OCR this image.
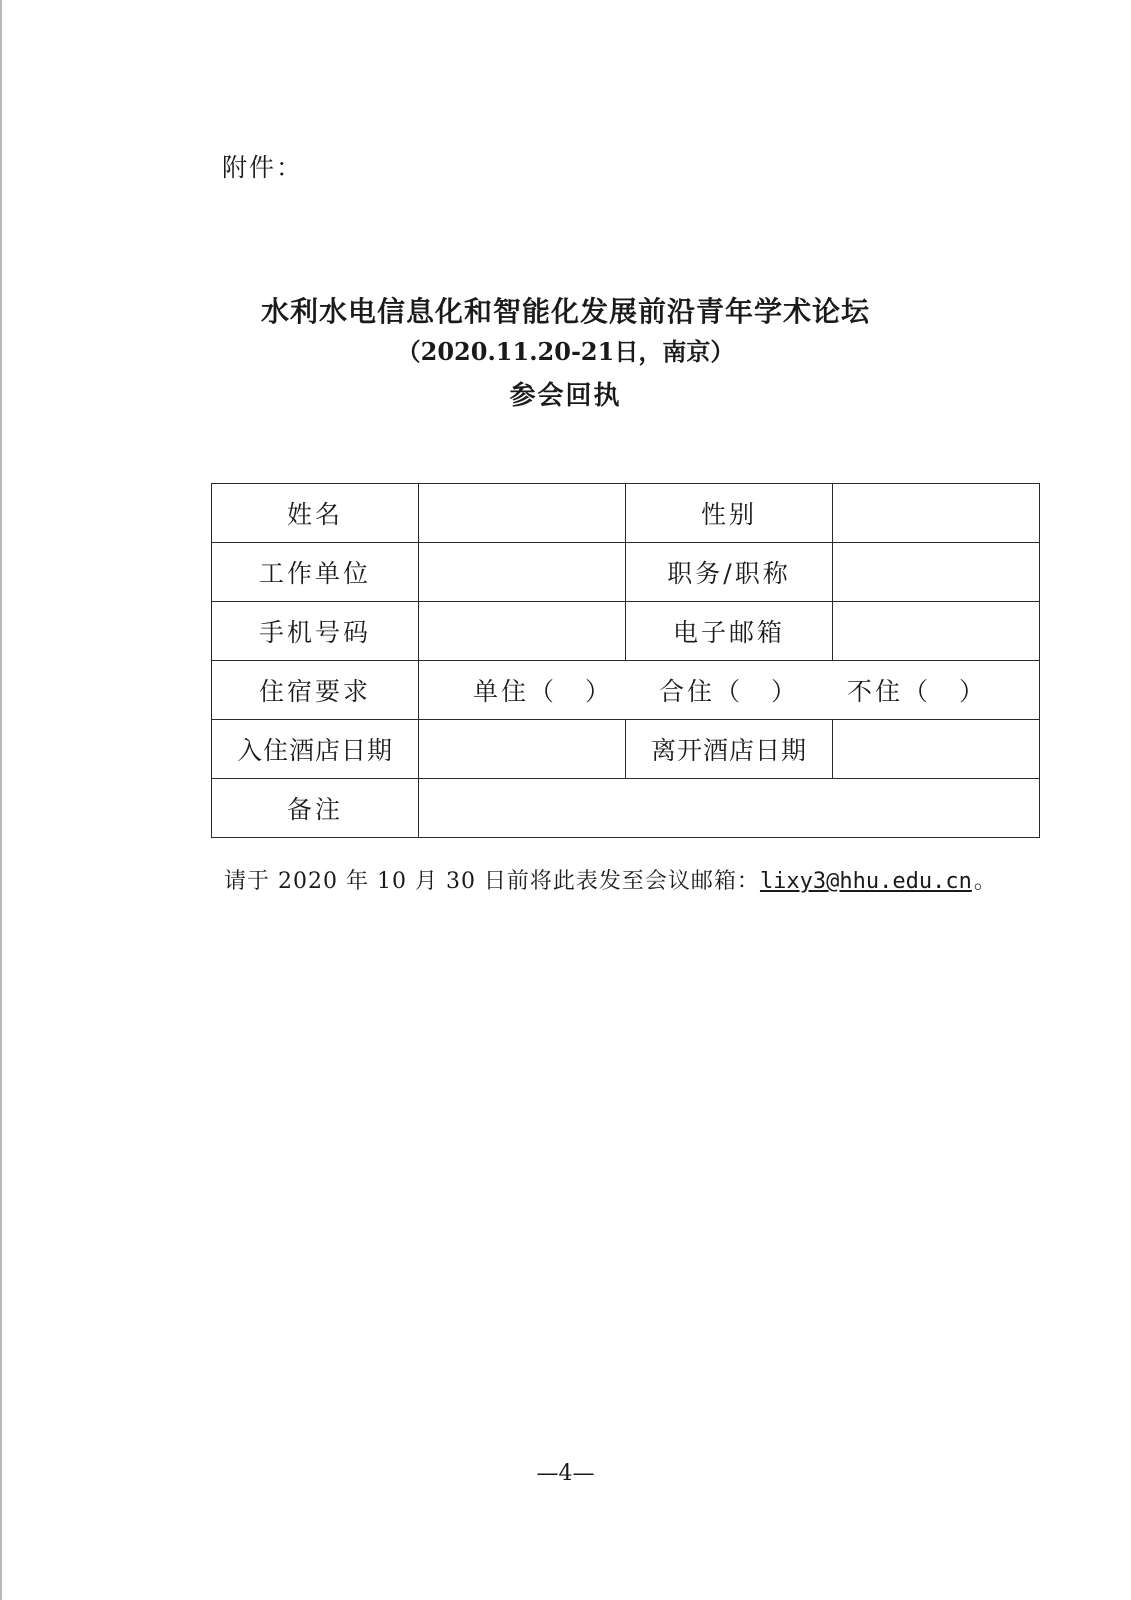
附件：
水利水电信息化和智能化发展前沿青年学术论坛
（2020.11.20-21日，南京）
参会回执
姓名		性别	
工作单位		职务/职称	
手机号码		电子邮箱	
住宿要求	单住（　） 合住（　） 不住（　）		
入住酒店日期		离开酒店日期	
备注			
请于 2020 年 10 月 30 日前将此表发至会议邮箱：lixy3@hhu.edu.cn。
—4—
